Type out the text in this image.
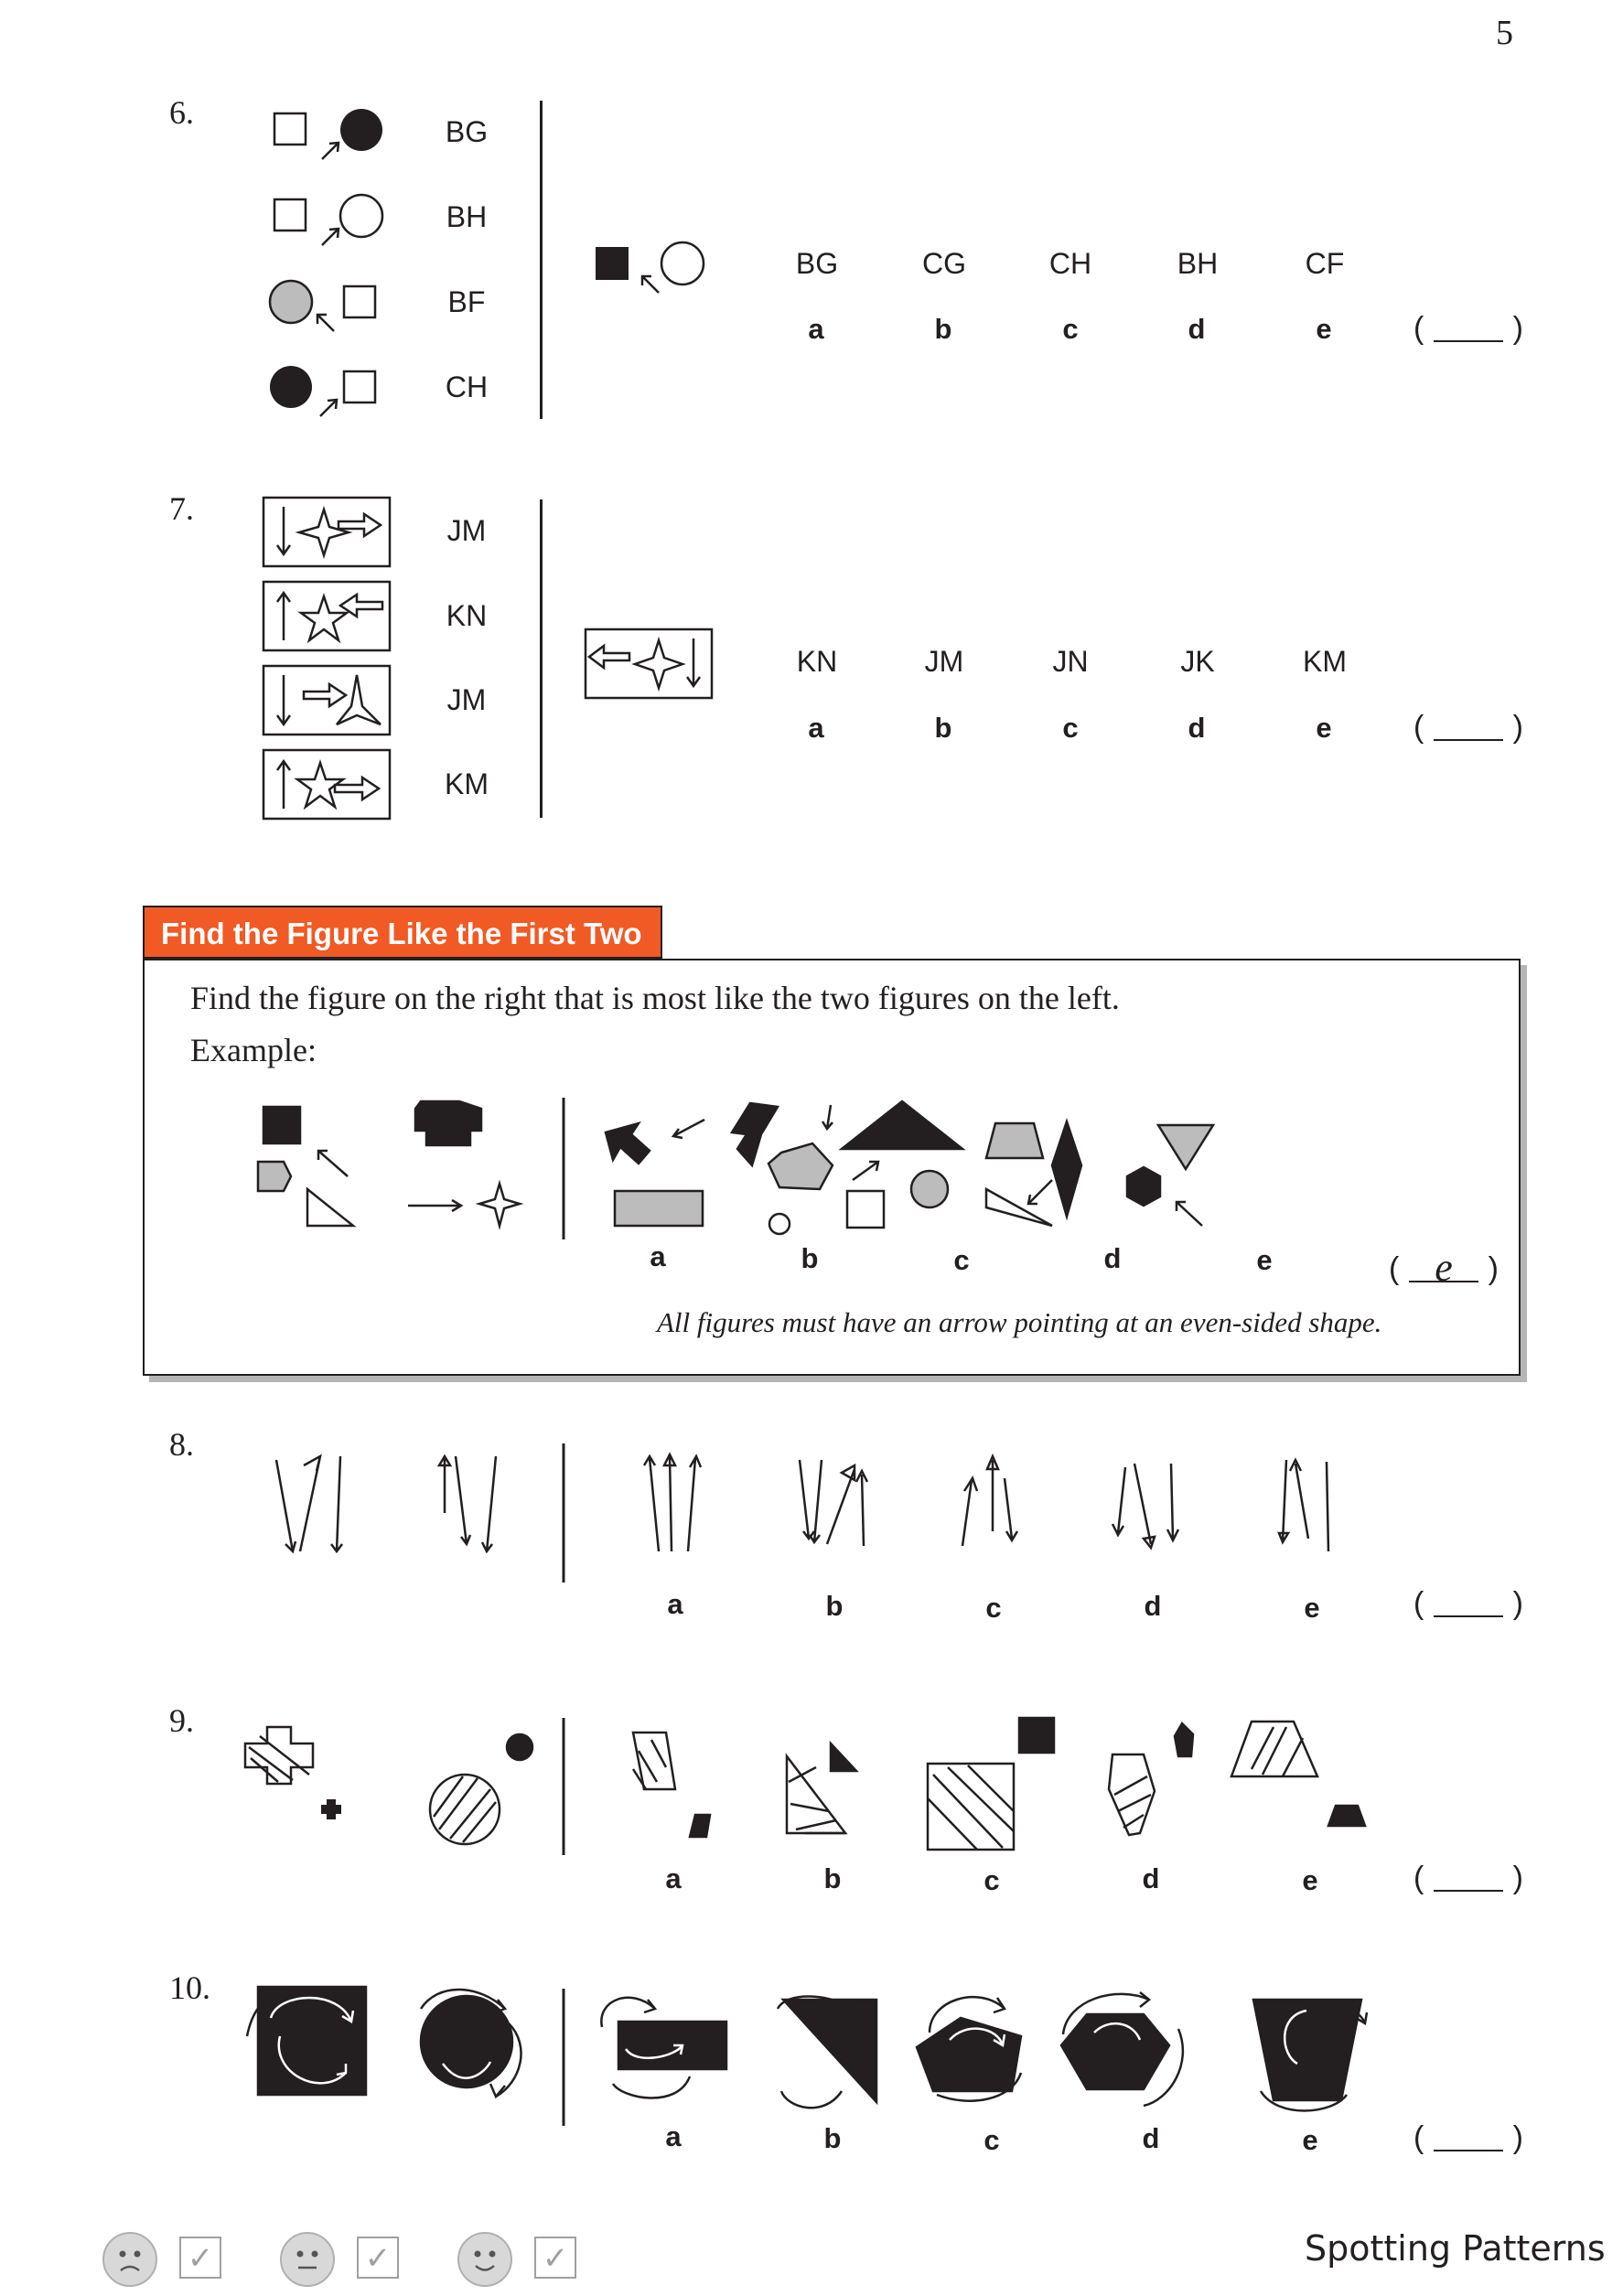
5
6.
BG
BH
BF
CH
BG	CG	CH	BH	CF
a	b	c	d	e	(	)
7.
JM
KN
JM
KM
KN	JM	JN	JK	KM
a	b	c	d	e	(	)
Find the Figure Like the First Two
Find the figure on the right that is most like the two figures on the left.
Example:
a	b	c	d	e	( e	)
All figures must have an arrow pointing at an even-sided shape.
8.
a	b	c	d	e	(	)
9.
a	b	c	d	e	(	)
10.
a	b	c	d	e	(	)
✓	✓	✓	Spotting Patterns
